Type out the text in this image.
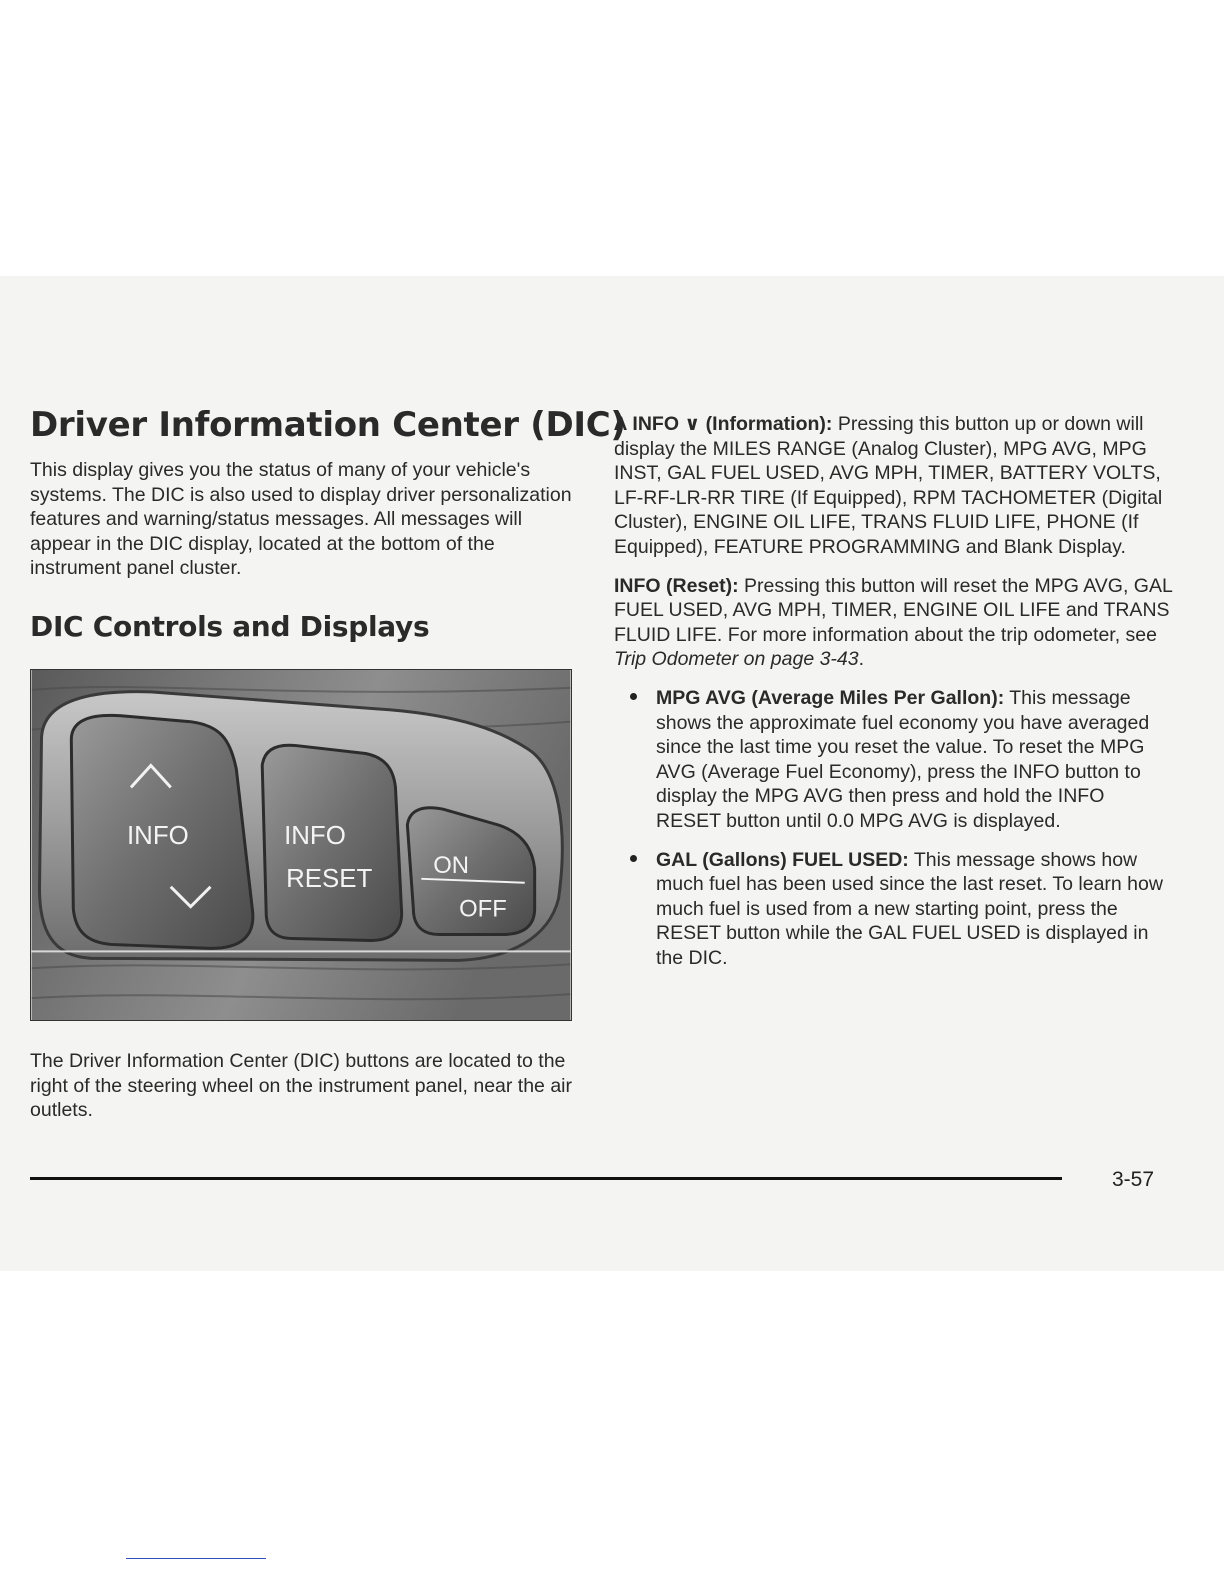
Driver Information Center (DIC)

This display gives you the status of many of your vehicle's systems. The DIC is also used to display driver personalization features and warning/status messages. All messages will appear in the DIC display, located at the bottom of the instrument panel cluster.

DIC Controls and Displays
INFO	INFO
RESET	ON
OFF

The Driver Information Center (DIC) buttons are located to the right of the steering wheel on the instrument panel, near the air outlets.

Λ INFO ∨ (Information): Pressing this button up or down will display the MILES RANGE (Analog Cluster), MPG AVG, MPG INST, GAL FUEL USED, AVG MPH, TIMER, BATTERY VOLTS, LF-RF-LR-RR TIRE (If Equipped), RPM TACHOMETER (Digital Cluster), ENGINE OIL LIFE, TRANS FLUID LIFE, PHONE (If Equipped), FEATURE PROGRAMMING and Blank Display.

INFO (Reset): Pressing this button will reset the MPG AVG, GAL FUEL USED, AVG MPH, TIMER, ENGINE OIL LIFE and TRANS FLUID LIFE. For more information about the trip odometer, see Trip Odometer on page 3-43.

MPG AVG (Average Miles Per Gallon): This message shows the approximate fuel economy you have averaged since the last time you reset the value. To reset the MPG AVG (Average Fuel Economy), press the INFO button to display the MPG AVG then press and hold the INFO RESET button until 0.0 MPG AVG is displayed.
GAL (Gallons) FUEL USED: This message shows how much fuel has been used since the last reset. To learn how much fuel is used from a new starting point, press the RESET button while the GAL FUEL USED is displayed in the DIC.
3-57
